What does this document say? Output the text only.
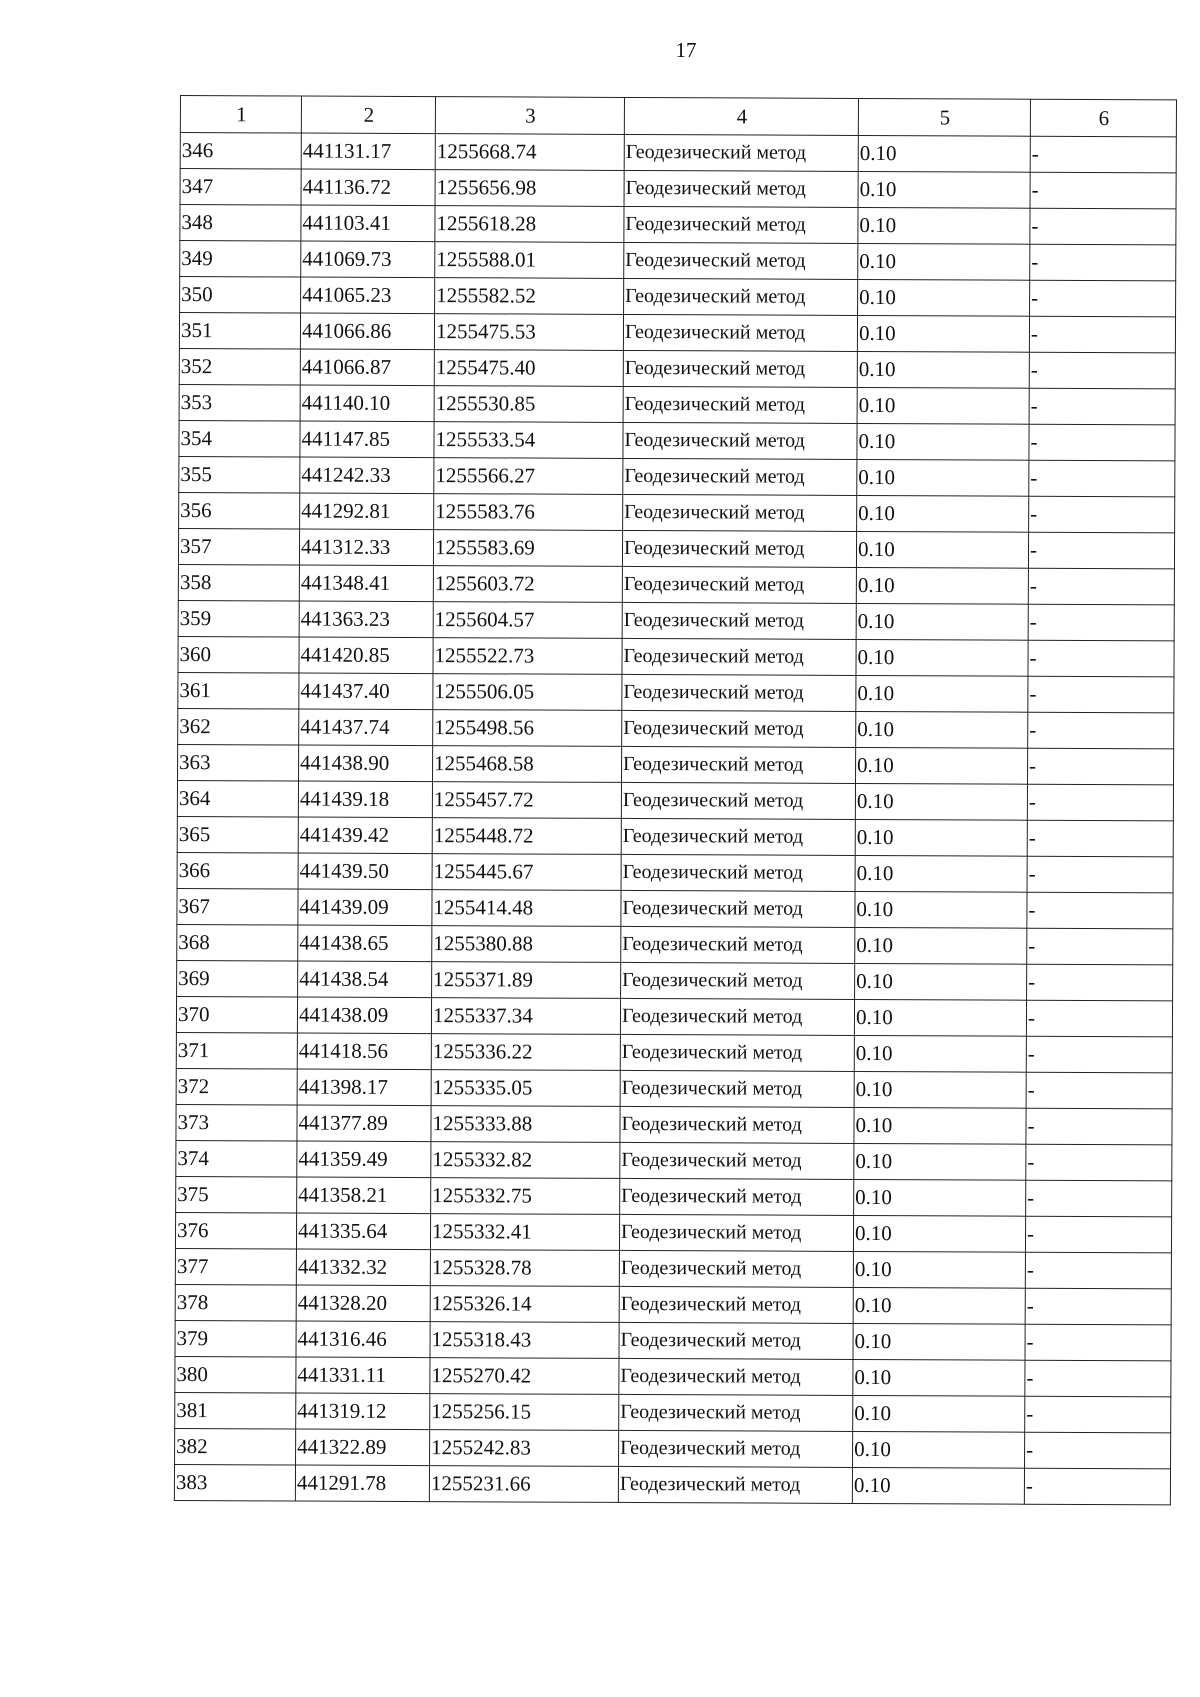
17
1	2	3	4	5	6
346	441131.17	1255668.74	Геодезический метод	0.10	-
347	441136.72	1255656.98	Геодезический метод	0.10	-
348	441103.41	1255618.28	Геодезический метод	0.10	-
349	441069.73	1255588.01	Геодезический метод	0.10	-
350	441065.23	1255582.52	Геодезический метод	0.10	-
351	441066.86	1255475.53	Геодезический метод	0.10	-
352	441066.87	1255475.40	Геодезический метод	0.10	-
353	441140.10	1255530.85	Геодезический метод	0.10	-
354	441147.85	1255533.54	Геодезический метод	0.10	-
355	441242.33	1255566.27	Геодезический метод	0.10	-
356	441292.81	1255583.76	Геодезический метод	0.10	-
357	441312.33	1255583.69	Геодезический метод	0.10	-
358	441348.41	1255603.72	Геодезический метод	0.10	-
359	441363.23	1255604.57	Геодезический метод	0.10	-
360	441420.85	1255522.73	Геодезический метод	0.10	-
361	441437.40	1255506.05	Геодезический метод	0.10	-
362	441437.74	1255498.56	Геодезический метод	0.10	-
363	441438.90	1255468.58	Геодезический метод	0.10	-
364	441439.18	1255457.72	Геодезический метод	0.10	-
365	441439.42	1255448.72	Геодезический метод	0.10	-
366	441439.50	1255445.67	Геодезический метод	0.10	-
367	441439.09	1255414.48	Геодезический метод	0.10	-
368	441438.65	1255380.88	Геодезический метод	0.10	-
369	441438.54	1255371.89	Геодезический метод	0.10	-
370	441438.09	1255337.34	Геодезический метод	0.10	-
371	441418.56	1255336.22	Геодезический метод	0.10	-
372	441398.17	1255335.05	Геодезический метод	0.10	-
373	441377.89	1255333.88	Геодезический метод	0.10	-
374	441359.49	1255332.82	Геодезический метод	0.10	-
375	441358.21	1255332.75	Геодезический метод	0.10	-
376	441335.64	1255332.41	Геодезический метод	0.10	-
377	441332.32	1255328.78	Геодезический метод	0.10	-
378	441328.20	1255326.14	Геодезический метод	0.10	-
379	441316.46	1255318.43	Геодезический метод	0.10	-
380	441331.11	1255270.42	Геодезический метод	0.10	-
381	441319.12	1255256.15	Геодезический метод	0.10	-
382	441322.89	1255242.83	Геодезический метод	0.10	-
383	441291.78	1255231.66	Геодезический метод	0.10	-
